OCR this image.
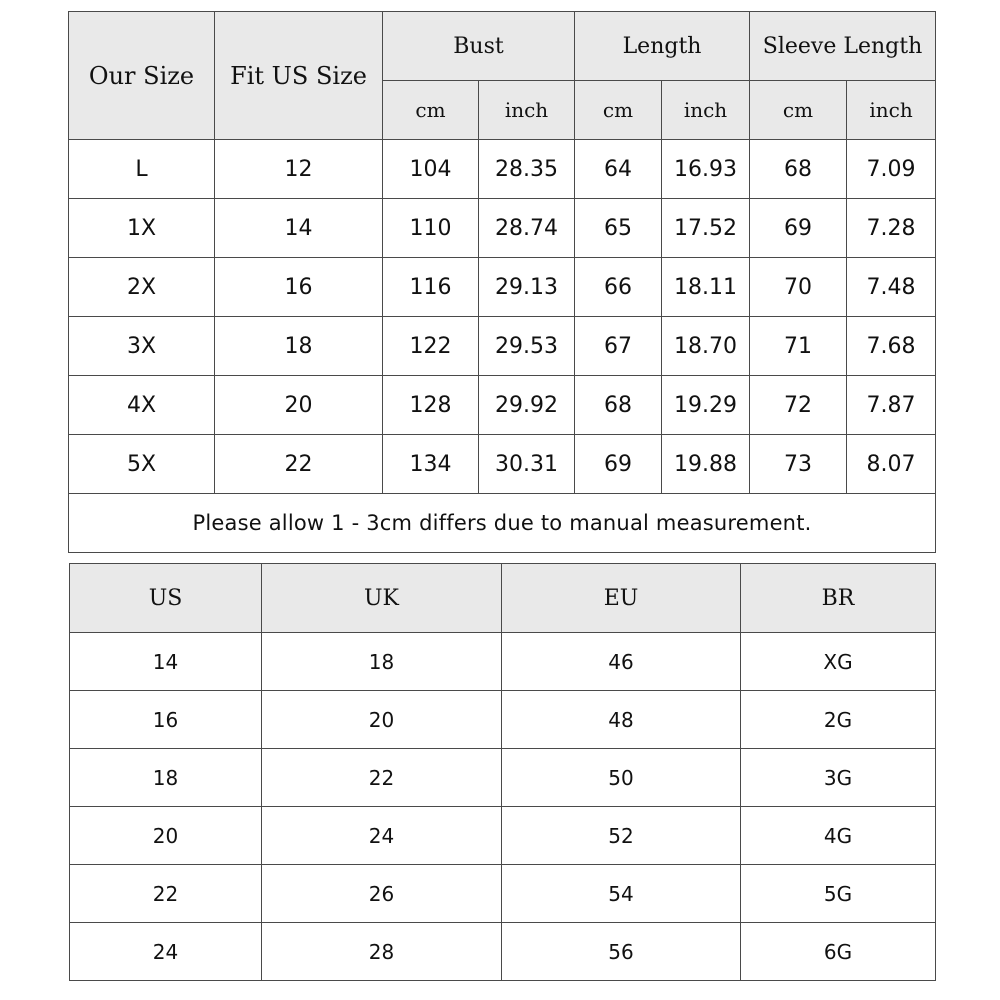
Our Size	Fit US Size	Bust		Length		Sleeve Length	
		cm	inch	cm	inch	cm	inch
L	12	104	28.35	64	16.93	68	7.09
1X	14	110	28.74	65	17.52	69	7.28
2X	16	116	29.13	66	18.11	70	7.48
3X	18	122	29.53	67	18.70	71	7.68
4X	20	128	29.92	68	19.29	72	7.87
5X	22	134	30.31	69	19.88	73	8.07
Please allow 1 - 3cm differs due to manual measurement.							
US	UK	EU	BR
14	18	46	XG
16	20	48	2G
18	22	50	3G
20	24	52	4G
22	26	54	5G
24	28	56	6G
